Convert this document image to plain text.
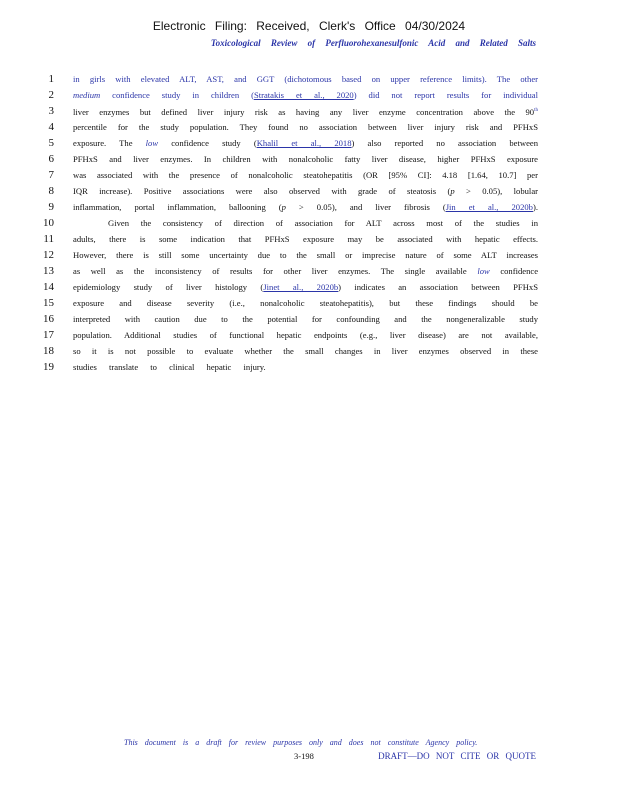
Electronic Filing: Received, Clerk's Office 04/30/2024
Toxicological Review of Perfluorohexanesulfonic Acid and Related Salts
1 in girls with elevated ALT, AST, and GGT (dichotomous based on upper reference limits). The other
2 medium confidence study in children (Stratakis et al., 2020) did not report results for individual
3 liver enzymes but defined liver injury risk as having any liver enzyme concentration above the 90th
4 percentile for the study population. They found no association between liver injury risk and PFHxS
5 exposure. The low confidence study (Khalil et al., 2018) also reported no association between
6 PFHxS and liver enzymes. In children with nonalcoholic fatty liver disease, higher PFHxS exposure
7 was associated with the presence of nonalcoholic steatohepatitis (OR [95% CI]: 4.18 [1.64, 10.7] per
8 IQR increase). Positive associations were also observed with grade of steatosis (p > 0.05), lobular
9 inflammation, portal inflammation, ballooning (p > 0.05), and liver fibrosis (Jin et al., 2020b).
10	Given the consistency of direction of association for ALT across most of the studies in
11 adults, there is some indication that PFHxS exposure may be associated with hepatic effects.
12 However, there is still some uncertainty due to the small or imprecise nature of some ALT increases
13 as well as the inconsistency of results for other liver enzymes. The single available low confidence
14 epidemiology study of liver histology (Jinet al., 2020b) indicates an association between PFHxS
15 exposure and disease severity (i.e., nonalcoholic steatohepatitis), but these findings should be
16 interpreted with caution due to the potential for confounding and the nongeneralizable study
17 population. Additional studies of functional hepatic endpoints (e.g., liver disease) are not available,
18 so it is not possible to evaluate whether the small changes in liver enzymes observed in these
19 studies translate to clinical hepatic injury.
This document is a draft for review purposes only and does not constitute Agency policy.
3-198	DRAFT—DO NOT CITE OR QUOTE
